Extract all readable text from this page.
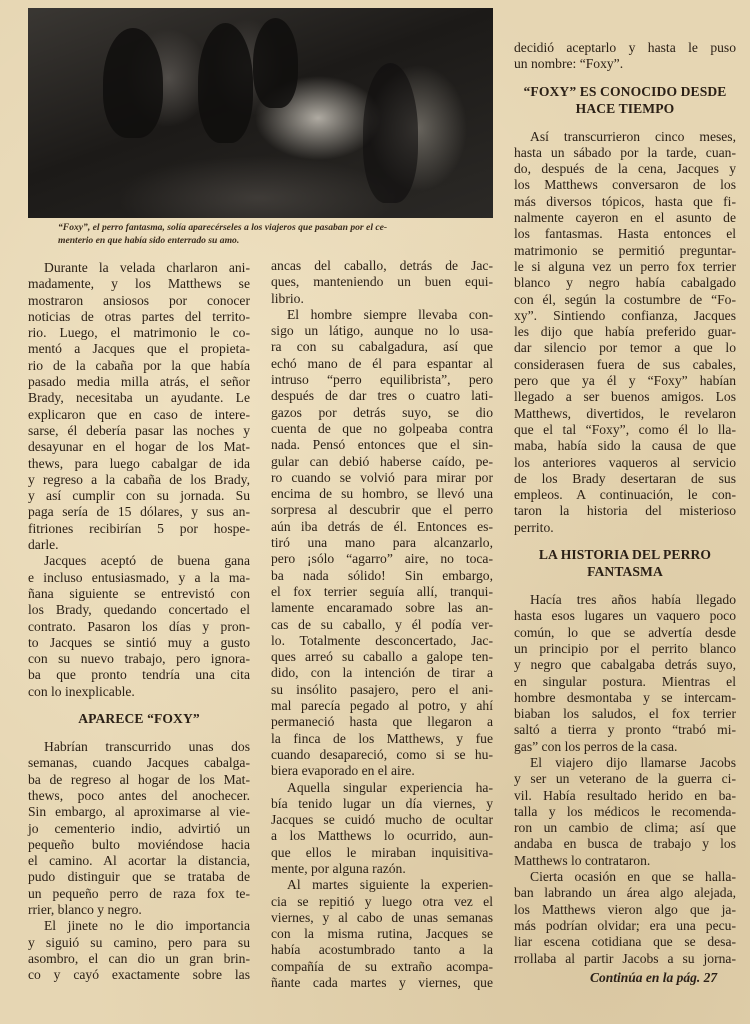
“Foxy”, el perro fantasma, solía aparecérseles a los viajeros que pasaban por el ce-
menterio en que había sido enterrado su amo.
Durante la velada charlaron ani-
madamente, y los Matthews se
mostraron ansiosos por conocer
noticias de otras partes del territo-
rio. Luego, el matrimonio le co-
mentó a Jacques que el propieta-
rio de la cabaña por la que había
pasado media milla atrás, el señor
Brady, necesitaba un ayudante. Le
explicaron que en caso de intere-
sarse, él debería pasar las noches y
desayunar en el hogar de los Mat-
thews, para luego cabalgar de ida
y regreso a la cabaña de los Brady,
y así cumplir con su jornada. Su
paga sería de 15 dólares, y sus an-
fitriones recibirían 5 por hospe-
darle.
Jacques aceptó de buena gana
e incluso entusiasmado, y a la ma-
ñana siguiente se entrevistó con
los Brady, quedando concertado el
contrato. Pasaron los días y pron-
to Jacques se sintió muy a gusto
con su nuevo trabajo, pero ignora-
ba que pronto tendría una cita
con lo inexplicable.
APARECE “FOXY”
Habrían transcurrido unas dos
semanas, cuando Jacques cabalga-
ba de regreso al hogar de los Mat-
thews, poco antes del anochecer.
Sin embargo, al aproximarse al vie-
jo cementerio indio, advirtió un
pequeño bulto moviéndose hacia
el camino. Al acortar la distancia,
pudo distinguir que se trataba de
un pequeño perro de raza fox te-
rrier, blanco y negro.
El jinete no le dio importancia
y siguió su camino, pero para su
asombro, el can dio un gran brin-
co y cayó exactamente sobre las
ancas del caballo, detrás de Jac-
ques, manteniendo un buen equi-
librio.
El hombre siempre llevaba con-
sigo un látigo, aunque no lo usa-
ra con su cabalgadura, así que
echó mano de él para espantar al
intruso “perro equilibrista”, pero
después de dar tres o cuatro lati-
gazos por detrás suyo, se dio
cuenta de que no golpeaba contra
nada. Pensó entonces que el sin-
gular can debió haberse caído, pe-
ro cuando se volvió para mirar por
encima de su hombro, se llevó una
sorpresa al descubrir que el perro
aún iba detrás de él. Entonces es-
tiró una mano para alcanzarlo,
pero ¡sólo “agarro” aire, no toca-
ba nada sólido! Sin embargo,
el fox terrier seguía allí, tranqui-
lamente encaramado sobre las an-
cas de su caballo, y él podía ver-
lo. Totalmente desconcertado, Jac-
ques arreó su caballo a galope ten-
dido, con la intención de tirar a
su insólito pasajero, pero el ani-
mal parecía pegado al potro, y ahí
permaneció hasta que llegaron a
la finca de los Matthews, y fue
cuando desapareció, como si se hu-
biera evaporado en el aire.
Aquella singular experiencia ha-
bía tenido lugar un día viernes, y
Jacques se cuidó mucho de ocultar
a los Matthews lo ocurrido, aun-
que ellos le miraban inquisitiva-
mente, por alguna razón.
Al martes siguiente la experien-
cia se repitió y luego otra vez el
viernes, y al cabo de unas semanas
con la misma rutina, Jacques se
había acostumbrado tanto a la
compañía de su extraño acompa-
ñante cada martes y viernes, que
decidió aceptarlo y hasta le puso
un nombre: “Foxy”.
“FOXY” ES CONOCIDO DESDE
HACE TIEMPO
Así transcurrieron cinco meses,
hasta un sábado por la tarde, cuan-
do, después de la cena, Jacques y
los Matthews conversaron de los
más diversos tópicos, hasta que fi-
nalmente cayeron en el asunto de
los fantasmas. Hasta entonces el
matrimonio se permitió preguntar-
le si alguna vez un perro fox terrier
blanco y negro había cabalgado
con él, según la costumbre de “Fo-
xy”. Sintiendo confianza, Jacques
les dijo que había preferido guar-
dar silencio por temor a que lo
considerasen fuera de sus cabales,
pero que ya él y “Foxy” habían
llegado a ser buenos amigos. Los
Matthews, divertidos, le revelaron
que el tal “Foxy”, como él lo lla-
maba, había sido la causa de que
los anteriores vaqueros al servicio
de los Brady desertaran de sus
empleos. A continuación, le con-
taron la historia del misterioso
perrito.
LA HISTORIA DEL PERRO
FANTASMA
Hacía tres años había llegado
hasta esos lugares un vaquero poco
común, lo que se advertía desde
un principio por el perrito blanco
y negro que cabalgaba detrás suyo,
en singular postura. Mientras el
hombre desmontaba y se intercam-
biaban los saludos, el fox terrier
saltó a tierra y pronto “trabó mi-
gas” con los perros de la casa.
El viajero dijo llamarse Jacobs
y ser un veterano de la guerra ci-
vil. Había resultado herido en ba-
talla y los médicos le recomenda-
ron un cambio de clima; así que
andaba en busca de trabajo y los
Matthews lo contrataron.
Cierta ocasión en que se halla-
ban labrando un área algo alejada,
los Matthews vieron algo que ja-
más podrían olvidar; era una pecu-
liar escena cotidiana que se desa-
rrollaba al partir Jacobs a su jorna-
Continúa en la pág. 27
